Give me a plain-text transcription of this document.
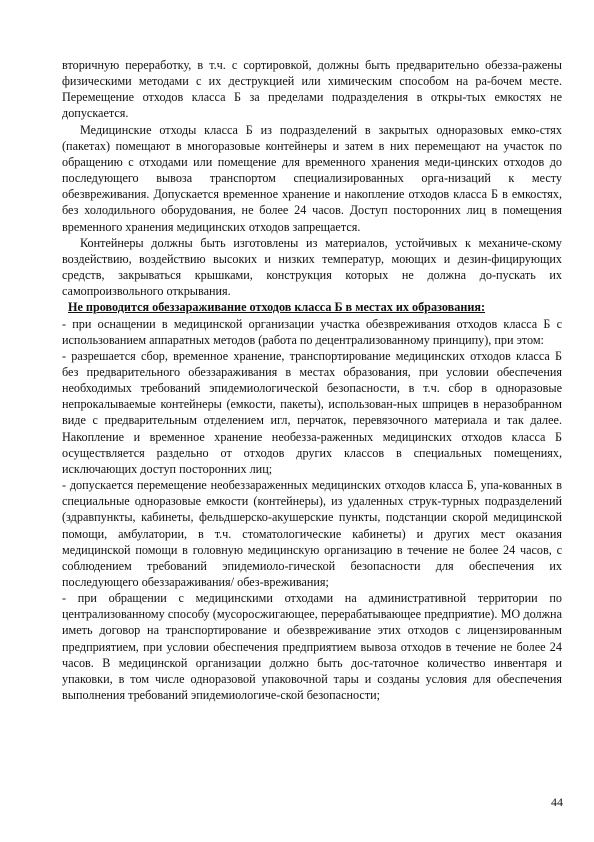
вторичную переработку, в т.ч. с сортировкой, должны быть предварительно обезза-ражены физическими методами с их деструкцией или химическим способом на ра-бочем месте. Перемещение отходов класса Б за пределами подразделения в откры-тых емкостях не допускается.

Медицинские отходы класса Б из подразделений в закрытых одноразовых емко-стях (пакетах) помещают в многоразовые контейнеры и затем в них перемещают на участок по обращению с отходами или помещение для временного хранения меди-цинских отходов до последующего вывоза транспортом специализированных орга-низаций к месту обезвреживания. Допускается временное хранение и накопление отходов класса Б в емкостях, без холодильного оборудования, не более 24 часов. Доступ посторонних лиц в помещения временного хранения медицинских отходов запрещается.

Контейнеры должны быть изготовлены из материалов, устойчивых к механиче-скому воздействию, воздействию высоких и низких температур, моющих и дезин-фицирующих средств, закрываться крышками, конструкция которых не должна до-пускать их самопроизвольного открывания.

Не проводится обеззараживание отходов класса Б в местах их образования:

- при оснащении в медицинской организации участка обезвреживания отходов класса Б с использованием аппаратных методов (работа по децентрализованному принципу), при этом:

- разрешается сбор, временное хранение, транспортирование медицинских отходов класса Б без предварительного обеззараживания в местах образования, при условии обеспечения необходимых требований эпидемиологической безопасности, в т.ч. сбор в одноразовые непрокалываемые контейнеры (емкости, пакеты), использован-ных шприцев в неразобранном виде с предварительным отделением игл, перчаток, перевязочного материала и так далее. Накопление и временное хранение необезза-раженных медицинских отходов класса Б осуществляется раздельно от отходов других классов в специальных помещениях, исключающих доступ посторонних лиц;

- допускается перемещение необеззараженных медицинских отходов класса Б, упа-кованных в специальные одноразовые емкости (контейнеры), из удаленных струк-турных подразделений (здравпункты, кабинеты, фельдшерско-акушерские пункты, подстанции скорой медицинской помощи, амбулатории, в т.ч. стоматологические кабинеты) и других мест оказания медицинской помощи в головную медицинскую организацию в течение не более 24 часов, с соблюдением требований эпидемиоло-гической безопасности для обеспечения их последующего обеззараживания/ обез-вреживания;

- при обращении с медицинскими отходами на административной территории по централизованному способу (мусоросжигающее, перерабатывающее предприятие). МО должна иметь договор на транспортирование и обезвреживание этих отходов с лицензированным предприятием, при условии обеспечения предприятием вывоза отходов в течение не более 24 часов. В медицинской организации должно быть дос-таточное количество инвентаря и упаковки, в том числе одноразовой упаковочной тары и созданы условия для обеспечения выполнения требований эпидемиологиче-ской безопасности;

44
